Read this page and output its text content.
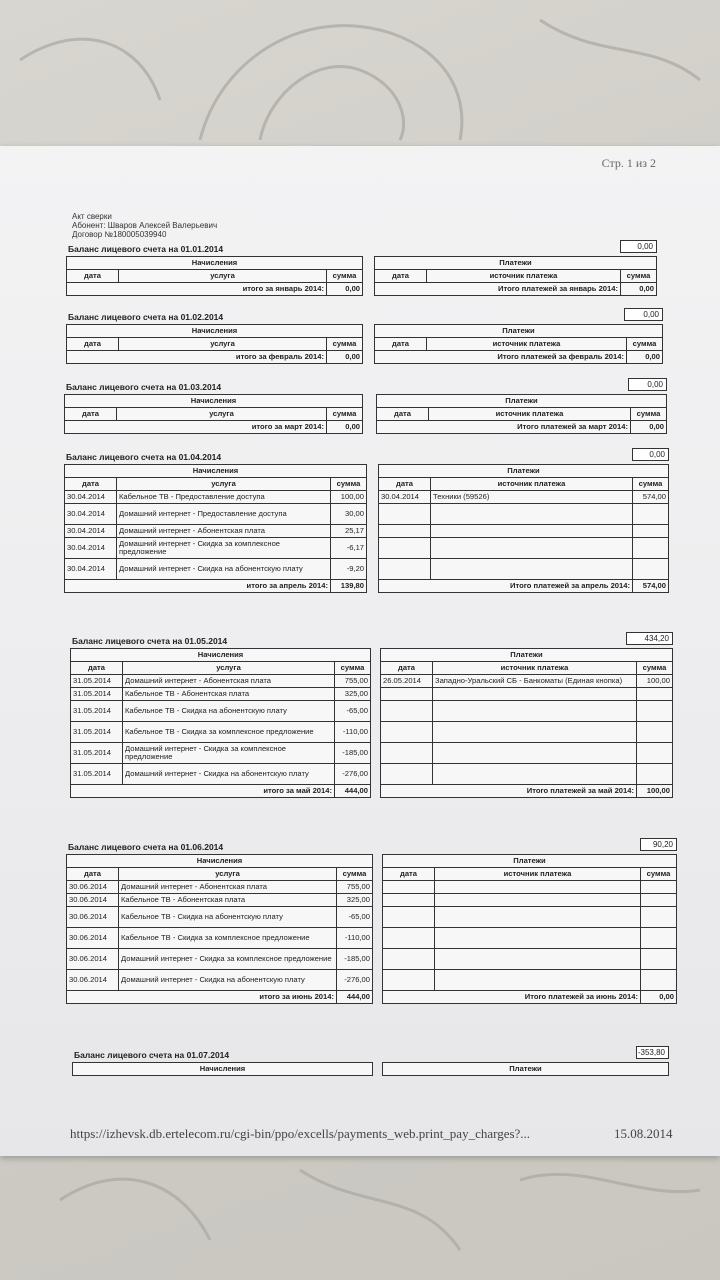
Стр. 1 из 2
Акт сверки
Абонент: Шваров Алексей Валерьевич
Договор №180005039940
Баланс лицевого счета на 01.01.2014	0,00
Начисления		
дата	услуга	сумма
итого за январь 2014:		0,00
Платежи		
дата	источник платежа	сумма
Итого платежей за январь 2014:		0,00
Баланс лицевого счета на 01.02.2014	0,00
Начисления		
дата	услуга	сумма
итого за февраль 2014:		0,00
Платежи		
дата	источник платежа	сумма
Итого платежей за февраль 2014:		0,00
Баланс лицевого счета на 01.03.2014	0,00
Начисления		
дата	услуга	сумма
итого за март 2014:		0,00
Платежи		
дата	источник платежа	сумма
Итого платежей за март 2014:		0,00
Баланс лицевого счета на 01.04.2014	0,00
Начисления		
дата	услуга	сумма
30.04.2014	Кабельное ТВ - Предоставление доступа	100,00
30.04.2014	Домашний интернет - Предоставление доступа	30,00
30.04.2014	Домашний интернет - Абонентская плата	25,17
30.04.2014	Домашний интернет - Скидка за комплексное предложение	-6,17
30.04.2014	Домашний интернет - Скидка на абонентскую плату	-9,20
итого за апрель 2014:		139,80
Платежи		
дата	источник платежа	сумма
30.04.2014	Техники (59526)	574,00

Итого платежей за апрель 2014:		574,00
Баланс лицевого счета на 01.05.2014	434,20
Начисления		
дата	услуга	сумма
31.05.2014	Домашний интернет - Абонентская плата	755,00
31.05.2014	Кабельное ТВ - Абонентская плата	325,00
31.05.2014	Кабельное ТВ - Скидка на абонентскую плату	-65,00
31.05.2014	Кабельное ТВ - Скидка за комплексное предложение	-110,00
31.05.2014	Домашний интернет - Скидка за комплексное предложение	-185,00
31.05.2014	Домашний интернет - Скидка на абонентскую плату	-276,00
итого за май 2014:		444,00
Платежи		
дата	источник платежа	сумма
26.05.2014	Западно-Уральский СБ - Банкоматы (Единая кнопка)	100,00

Итого платежей за май 2014:		100,00
Баланс лицевого счета на 01.06.2014	90,20
Начисления		
дата	услуга	сумма
30.06.2014	Домашний интернет - Абонентская плата	755,00
30.06.2014	Кабельное ТВ - Абонентская плата	325,00
30.06.2014	Кабельное ТВ - Скидка на абонентскую плату	-65,00
30.06.2014	Кабельное ТВ - Скидка за комплексное предложение	-110,00
30.06.2014	Домашний интернет - Скидка за комплексное предложение	-185,00
30.06.2014	Домашний интернет - Скидка на абонентскую плату	-276,00
итого за июнь 2014:		444,00
Платежи		
дата	источник платежа	сумма

Итого платежей за июнь 2014:		0,00
Баланс лицевого счета на 01.07.2014	-353,80
Начисления	Платежи
https://izhevsk.db.ertelecom.ru/cgi-bin/ppo/excells/payments_web.print_pay_charges?...	15.08.2014
